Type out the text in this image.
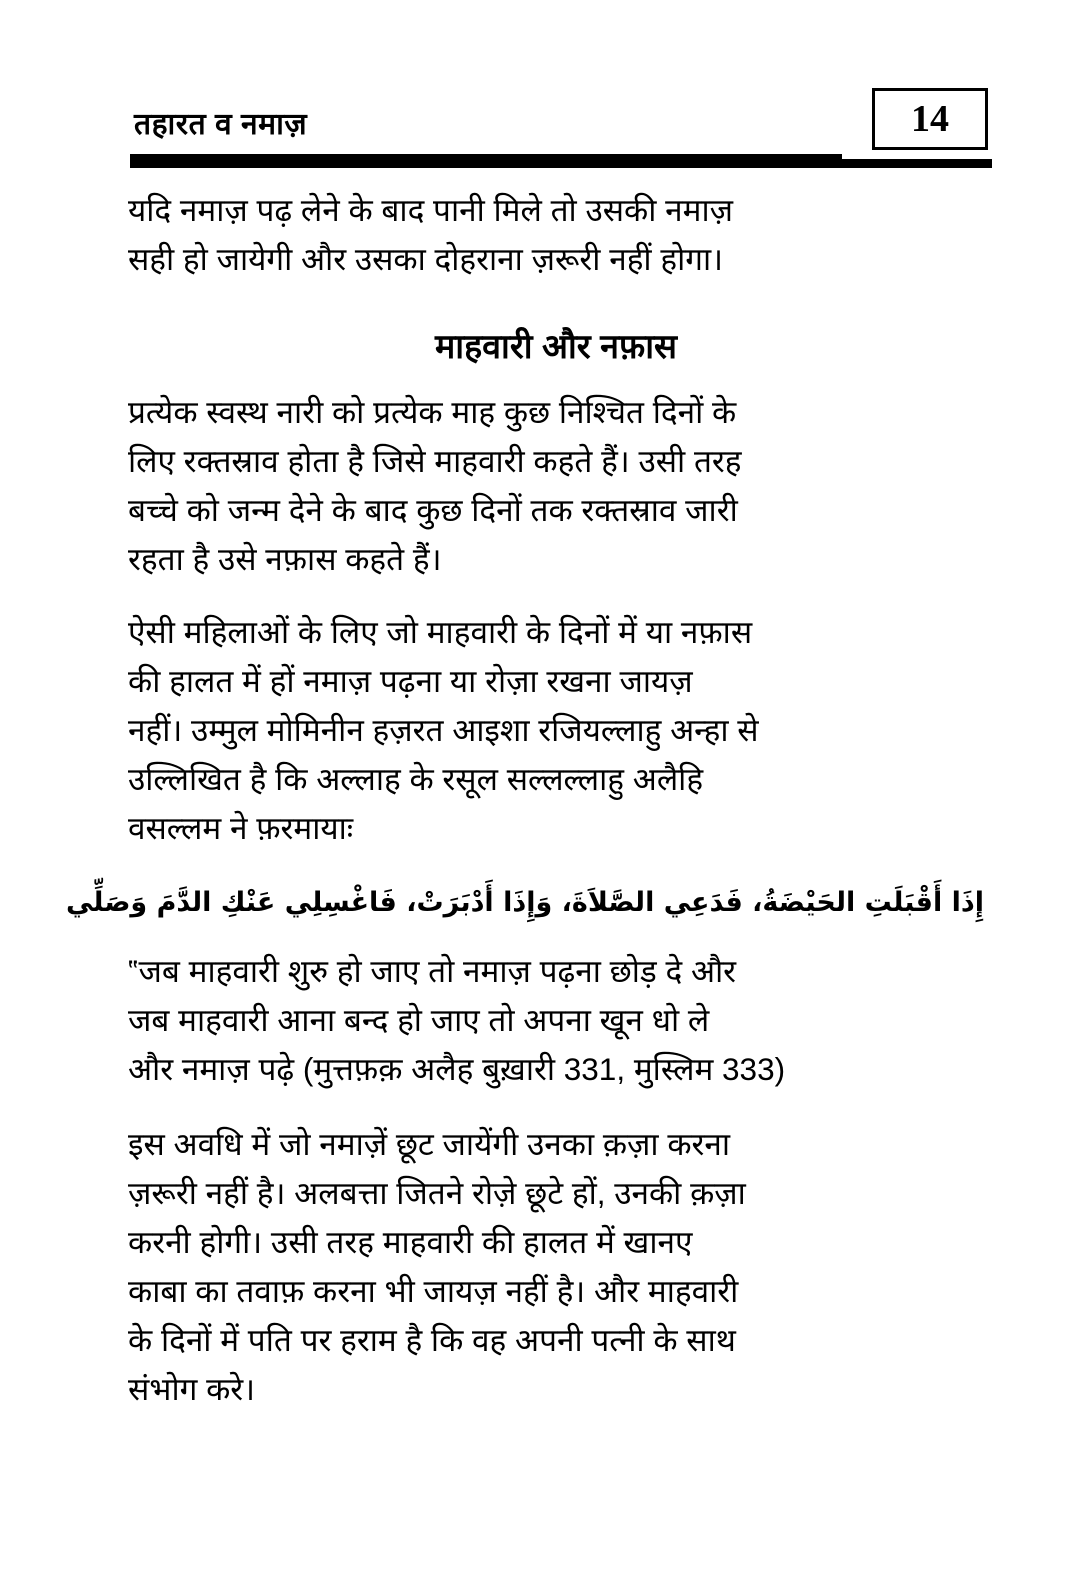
तहारत व नमाज़	14

यदि नमाज़ पढ़ लेने के बाद पानी मिले तो उसकी नमाज़
सही हो जायेगी और उसका दोहराना ज़रूरी नहीं होगा।

माहवारी और नफ़ास

प्रत्येक स्वस्थ नारी को प्रत्येक माह कुछ निश्चित दिनों के
लिए रक्तस्राव होता है जिसे माहवारी कहते हैं। उसी तरह
बच्चे को जन्म देने के बाद कुछ दिनों तक रक्तस्राव जारी
रहता है उसे नफ़ास कहते हैं।

ऐसी महिलाओं के लिए जो माहवारी के दिनों में या नफ़ास
की हालत में हों नमाज़ पढ़ना या रोज़ा रखना जायज़
नहीं। उम्मुल मोमिनीन हज़रत आइशा रजियल्लाहु अन्हा से
उल्लिखित है कि अल्लाह के रसूल सल्लल्लाहु अलैहि
वसल्लम ने फ़रमायाः

إِذَا أَقْبَلَتِ الحَيْضَةُ، فَدَعِي الصَّلاَةَ، وَإِذَا أَدْبَرَتْ، فَاغْسِلِي عَنْكِ الدَّمَ وَصَلِّي

‟जब माहवारी शुरु हो जाए तो नमाज़ पढ़ना छोड़ दे और
जब माहवारी आना बन्द हो जाए तो अपना खून धो ले
और नमाज़ पढ़े (मुत्तफ़क़ अलैह बुख़ारी 331, मुस्लिम 333)

इस अवधि में जो नमाज़ें छूट जायेंगी उनका क़ज़ा करना
ज़रूरी नहीं है। अलबत्ता जितने रोज़े छूटे हों, उनकी क़ज़ा
करनी होगी। उसी तरह माहवारी की हालत में खानए
काबा का तवाफ़ करना भी जायज़ नहीं है। और माहवारी
के दिनों में पति पर हराम है कि वह अपनी पत्नी के साथ
संभोग करे।
